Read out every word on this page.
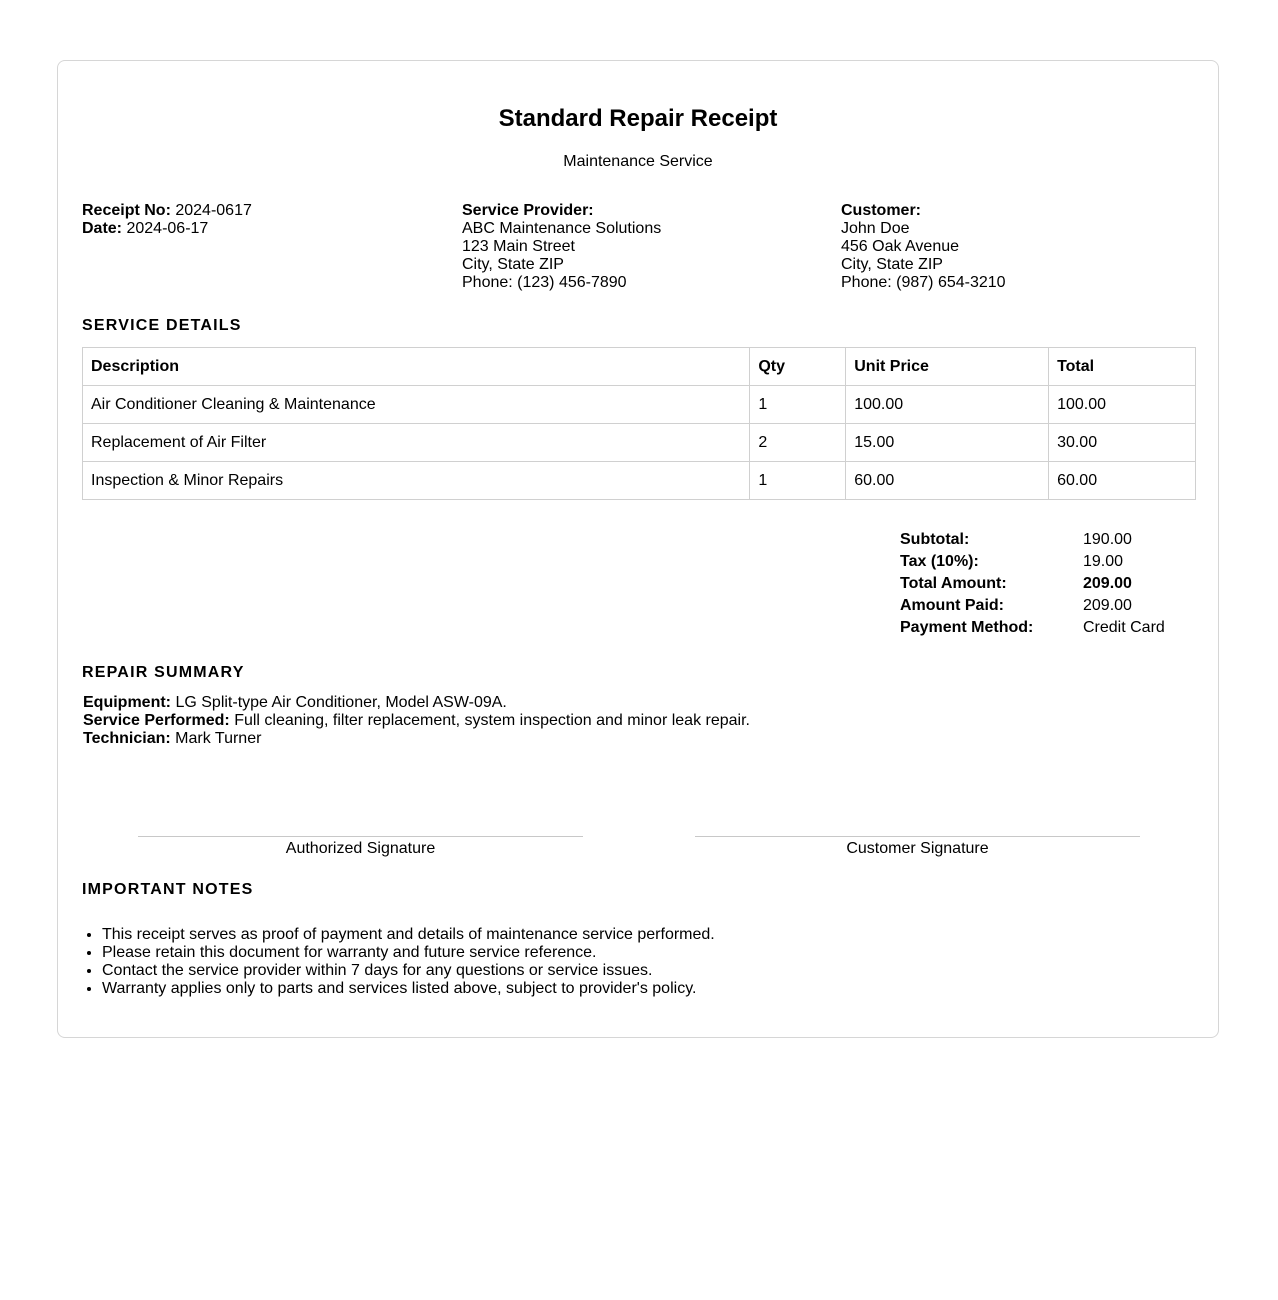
Standard Repair Receipt
Maintenance Service
Receipt No: 2024-0617
Date: 2024-06-17
Service Provider:
ABC Maintenance Solutions
123 Main Street
City, State ZIP
Phone: (123) 456-7890
Customer:
John Doe
456 Oak Avenue
City, State ZIP
Phone: (987) 654-3210
SERVICE DETAILS
Description	Qty	Unit Price	Total
Air Conditioner Cleaning & Maintenance	1	100.00	100.00
Replacement of Air Filter	2	15.00	30.00
Inspection & Minor Repairs	1	60.00	60.00
Subtotal:	190.00
Tax (10%):	19.00
Total Amount:	209.00
Amount Paid:	209.00
Payment Method:	Credit Card
REPAIR SUMMARY
Equipment: LG Split-type Air Conditioner, Model ASW-09A.
Service Performed: Full cleaning, filter replacement, system inspection and minor leak repair.
Technician: Mark Turner
Authorized Signature	Customer Signature
IMPORTANT NOTES
• This receipt serves as proof of payment and details of maintenance service performed.
• Please retain this document for warranty and future service reference.
• Contact the service provider within 7 days for any questions or service issues.
• Warranty applies only to parts and services listed above, subject to provider's policy.
